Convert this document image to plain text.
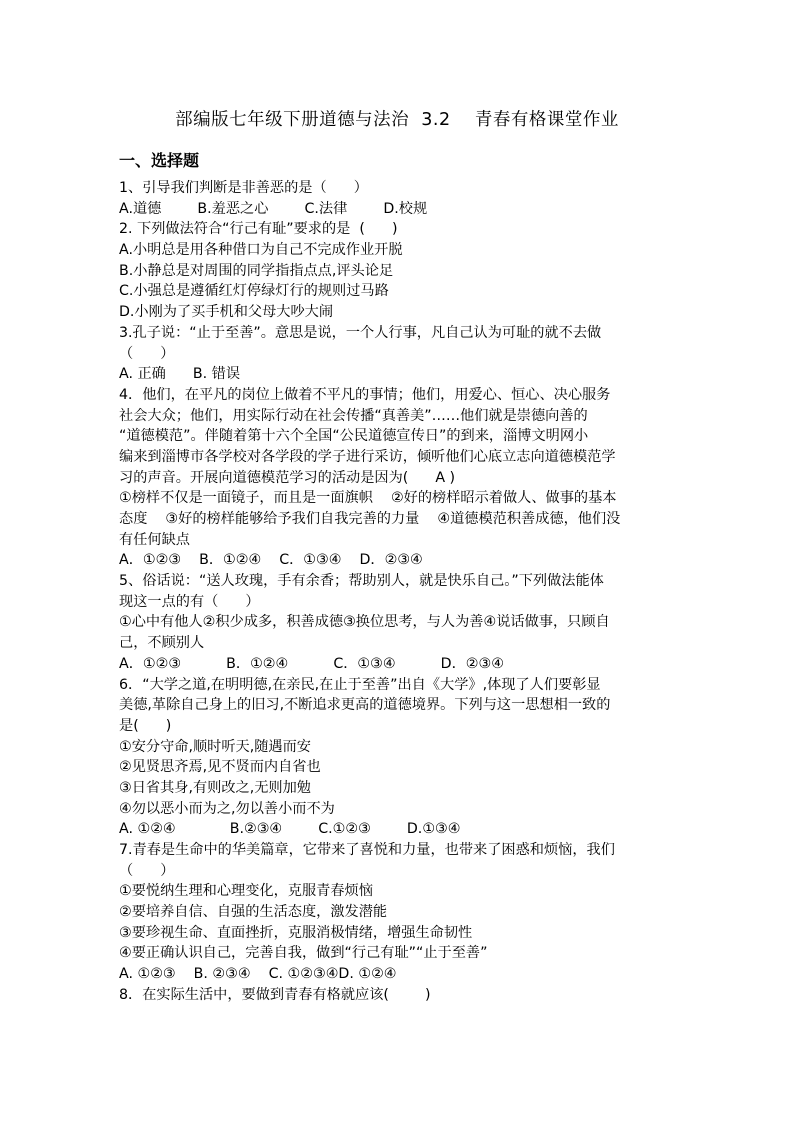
部编版七年级下册道德与法治  3.2    青春有格课堂作业
一、选择题
1、引导我们判断是非善恶的是（      ）
A.道德        B.羞恶之心        C.法律        D.校规
2. 下列做法符合“行己有耻”要求的是  (      )
A.小明总是用各种借口为自己不完成作业开脱
B.小静总是对周围的同学指指点点,评头论足
C.小强总是遵循红灯停绿灯行的规则过马路
D.小刚为了买手机和父母大吵大闹
3.孔子说：“止于至善”。意思是说，一个人行事，凡自己认为可耻的就不去做
（      ）
A. 正确      B. 错误
4．他们，在平凡的岗位上做着不平凡的事情；他们，用爱心、恒心、决心服务
社会大众；他们，用实际行动在社会传播“真善美”……他们就是崇德向善的
“道德模范”。伴随着第十六个全国“公民道德宣传日”的到来，淄博文明网小
编来到淄博市各学校对各学段的学子进行采访，倾听他们心底立志向道德模范学
习的声音。开展向道德模范学习的活动是因为(      A )
①榜样不仅是一面镜子，而且是一面旗帜    ②好的榜样昭示着做人、做事的基本
态度    ③好的榜样能够给予我们自我完善的力量    ④道德模范积善成德，他们没
有任何缺点
A．①②③    B．①②④    C．①③④    D．②③④
5、俗话说：“送人玫瑰，手有余香；帮助别人，就是快乐自己。”下列做法能体
现这一点的有（      ）
①心中有他人②积少成多，积善成德③换位思考，与人为善④说话做事，只顾自
己，不顾别人
A．①②③          B．①②④          C．①③④          D．②③④
6．“大学之道,在明明德,在亲民,在止于至善”出自《大学》,体现了人们要彰显
美德,革除自己身上的旧习,不断追求更高的道德境界。下列与这一思想相一致的
是(      )
①安分守命,顺时听天,随遇而安
②见贤思齐焉,见不贤而内自省也
③日省其身,有则改之,无则加勉
④勿以恶小而为之,勿以善小而不为
A. ①②④            B.②③④        C.①②③        D.①③④
7.青春是生命中的华美篇章，它带来了喜悦和力量，也带来了困惑和烦恼，我们
（      ）
①要悦纳生理和心理变化，克服青春烦恼
②要培养自信、自强的生活态度，激发潜能
③要珍视生命、直面挫折，克服消极情绪，增强生命韧性
④要正确认识自己，完善自我，做到“行己有耻”“止于至善”
A. ①②③    B. ②③④    C. ①②③④D. ①②④
8．在实际生活中，要做到青春有格就应该(        )
